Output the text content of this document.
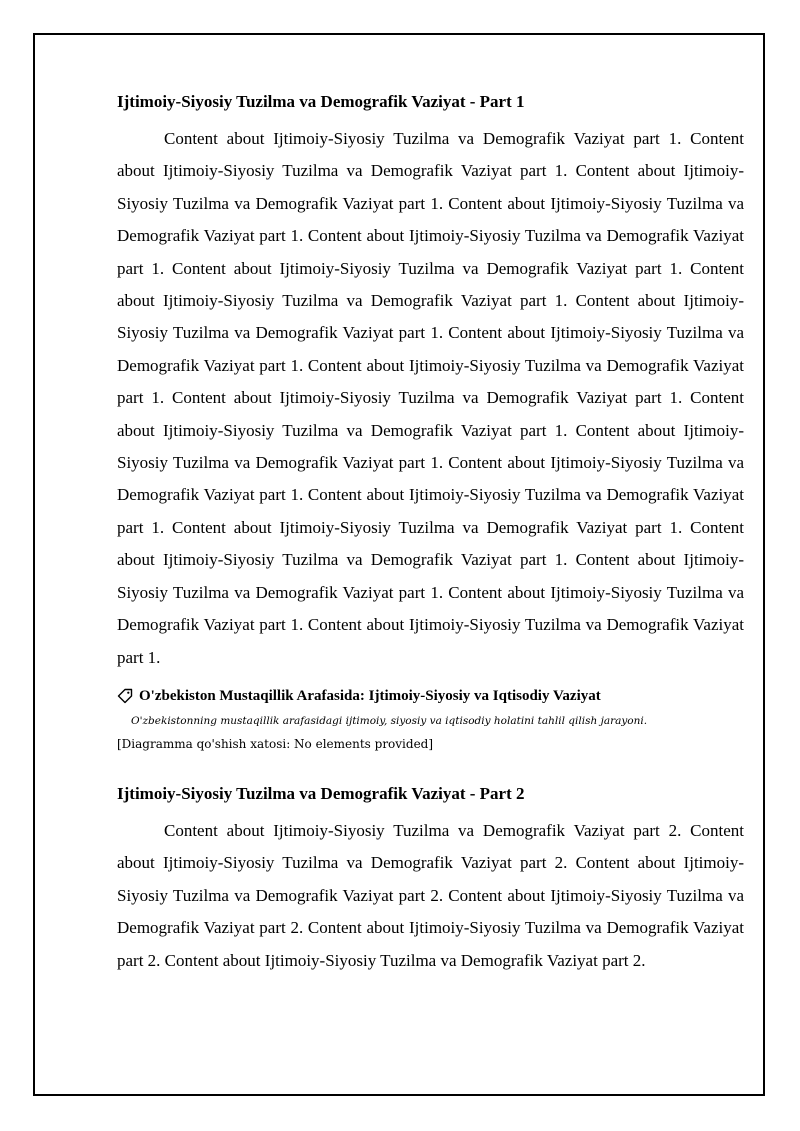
Ijtimoiy-Siyosiy Tuzilma va Demografik Vaziyat - Part 1

Content about Ijtimoiy-Siyosiy Tuzilma va Demografik Vaziyat part 1. Content about Ijtimoiy-Siyosiy Tuzilma va Demografik Vaziyat part 1. Content about Ijtimoiy-Siyosiy Tuzilma va Demografik Vaziyat part 1. Content about Ijtimoiy-Siyosiy Tuzilma va Demografik Vaziyat part 1. Content about Ijtimoiy-Siyosiy Tuzilma va Demografik Vaziyat part 1. Content about Ijtimoiy-Siyosiy Tuzilma va Demografik Vaziyat part 1. Content about Ijtimoiy-Siyosiy Tuzilma va Demografik Vaziyat part 1. Content about Ijtimoiy-Siyosiy Tuzilma va Demografik Vaziyat part 1. Content about Ijtimoiy-Siyosiy Tuzilma va Demografik Vaziyat part 1. Content about Ijtimoiy-Siyosiy Tuzilma va Demografik Vaziyat part 1. Content about Ijtimoiy-Siyosiy Tuzilma va Demografik Vaziyat part 1. Content about Ijtimoiy-Siyosiy Tuzilma va Demografik Vaziyat part 1. Content about Ijtimoiy-Siyosiy Tuzilma va Demografik Vaziyat part 1. Content about Ijtimoiy-Siyosiy Tuzilma va Demografik Vaziyat part 1. Content about Ijtimoiy-Siyosiy Tuzilma va Demografik Vaziyat part 1. Content about Ijtimoiy-Siyosiy Tuzilma va Demografik Vaziyat part 1. Content about Ijtimoiy-Siyosiy Tuzilma va Demografik Vaziyat part 1. Content about Ijtimoiy-Siyosiy Tuzilma va Demografik Vaziyat part 1. Content about Ijtimoiy-Siyosiy Tuzilma va Demografik Vaziyat part 1. Content about Ijtimoiy-Siyosiy Tuzilma va Demografik Vaziyat part 1.

O'zbekiston Mustaqillik Arafasida: Ijtimoiy-Siyosiy va Iqtisodiy Vaziyat
O'zbekistonning mustaqillik arafasidagi ijtimoiy, siyosiy va iqtisodiy holatini tahlil qilish jarayoni.
[Diagramma qo'shish xatosi: No elements provided]
Ijtimoiy-Siyosiy Tuzilma va Demografik Vaziyat - Part 2

Content about Ijtimoiy-Siyosiy Tuzilma va Demografik Vaziyat part 2. Content about Ijtimoiy-Siyosiy Tuzilma va Demografik Vaziyat part 2. Content about Ijtimoiy-Siyosiy Tuzilma va Demografik Vaziyat part 2. Content about Ijtimoiy-Siyosiy Tuzilma va Demografik Vaziyat part 2. Content about Ijtimoiy-Siyosiy Tuzilma va Demografik Vaziyat part 2. Content about Ijtimoiy-Siyosiy Tuzilma va Demografik Vaziyat part 2.
